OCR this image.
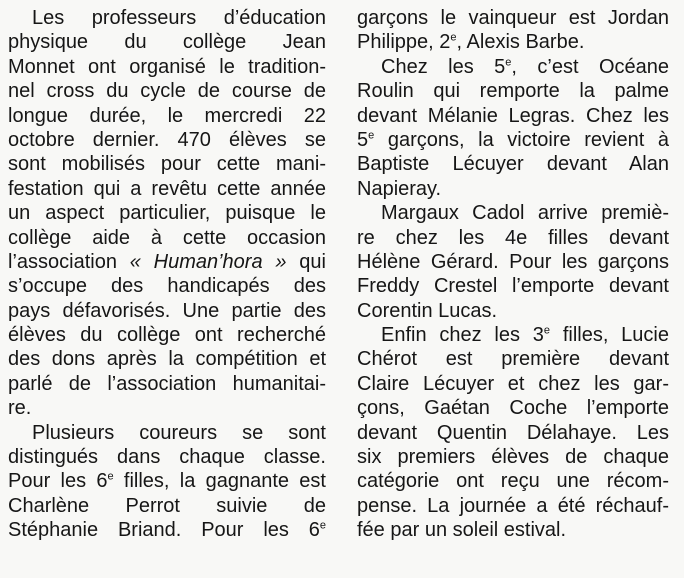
Les professeurs d’éducation
physique du collège Jean
Monnet ont organisé le tradition-
nel cross du cycle de course de
longue durée, le mercredi 22
octobre dernier. 470 élèves se
sont mobilisés pour cette mani-
festation qui a revêtu cette année
un aspect particulier, puisque le
collège aide à cette occasion
l’association « Human’hora » qui
s’occupe des handicapés des
pays défavorisés. Une partie des
élèves du collège ont recherché
des dons après la compétition et
parlé de l’association humanitai-
re.
Plusieurs coureurs se sont
distingués dans chaque classe.
Pour les 6e filles, la gagnante est
Charlène Perrot suivie de
Stéphanie Briand. Pour les 6e
garçons le vainqueur est Jordan
Philippe, 2e, Alexis Barbe.
Chez les 5e, c’est Océane
Roulin qui remporte la palme
devant Mélanie Legras. Chez les
5e garçons, la victoire revient à
Baptiste Lécuyer devant Alan
Napieray.
Margaux Cadol arrive premiè-
re chez les 4e filles devant
Hélène Gérard. Pour les garçons
Freddy Crestel l’emporte devant
Corentin Lucas.
Enfin chez les 3e filles, Lucie
Chérot est première devant
Claire Lécuyer et chez les gar-
çons, Gaétan Coche l’emporte
devant Quentin Délahaye. Les
six premiers élèves de chaque
catégorie ont reçu une récom-
pense. La journée a été réchauf-
fée par un soleil estival.
